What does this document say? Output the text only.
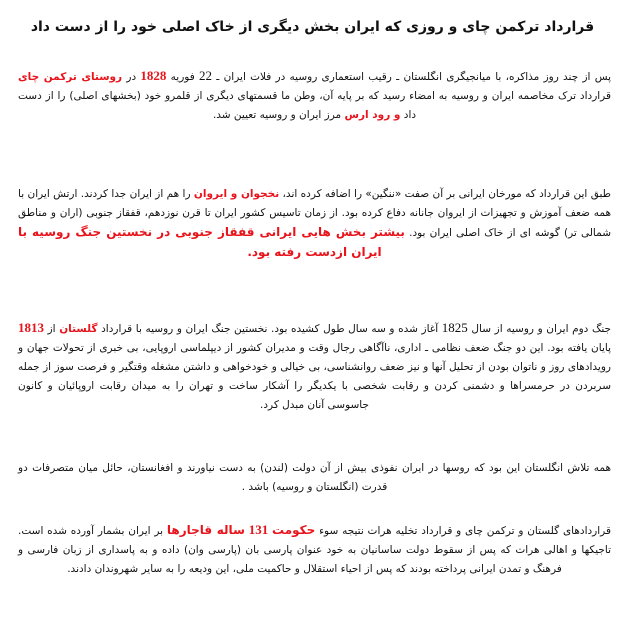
قرارداد ترکمن چای و روزی که ایران بخش دیگری از خاک اصلی خود را از دست داد
پس از چند روز مذاکره، با میانجیگری انگلستان ـ رقیب استعماری روسیه در فلات ایران ـ 22 فوریه 1828 در روستای ترکمن چای قرارداد ترک مخاصمه ایران و روسیه به امضاء رسید که بر پایه آن، وطن ما قسمتهای دیگری از قلمرو خود (بخشهای اصلی) را از دست داد و رود ارس مرز ایران و روسیه تعیین شد.
طبق این قرارداد که مورخان ایرانی بر آن صفت «ننگین» را اضافه کرده اند، نخجوان و ایروان را هم از ایران جدا کردند. ارتش ایران با همه ضعف آموزش و تجهیزات از ایروان جانانه دفاع کرده بود. از زمان تاسیس کشور ایران تا قرن نوزدهم، قفقاز جنوبی (اران و مناطق شمالی تر) گوشه ای از خاک اصلی ایران بود. بیشتر بخش هایی ایرانی قفقاز جنوبی در نخستین جنگ روسیه با ایران ازدست رفته بود.
جنگ دوم ایران و روسیه از سال 1825 آغاز شده و سه سال طول کشیده بود. نخستین جنگ ایران و روسیه با قرارداد گلستان از 1813 پایان یافته بود. این دو جنگ ضعف نظامی ـ اداری، ناآگاهی رجال وقت و مدیران کشور از دیپلماسی اروپایی، بی خبری از تحولات جهان و رویدادهای روز و ناتوان بودن از تحلیل آنها و نیز ضعف روانشناسی، بی خیالی و خودخواهی و داشتن مشغله وقتگیر و فرصت سوز از جمله سربردن در حرمسراها و دشمنی کردن و رقابت شخصی با یکدیگر را آشکار ساخت و تهران را به میدان رقابت اروپائیان و کانون جاسوسی آنان مبدل کرد.
همه تلاش انگلستان این بود که روسها در ایران نفوذی بیش از آن دولت (لندن) به دست نیاورند و افغانستان، حائل میان متصرفات دو قدرت (انگلستان و روسیه) باشد .
قراردادهای گلستان و ترکمن چای و قرارداد تخلیه هرات نتیجه سوء حکومت 131 ساله قاجارها بر ایران بشمار آورده شده است. تاجیکها و اهالی هرات که پس از سقوط دولت ساسانیان به خود عنوان پارسی بان (پارسی وان) داده و به پاسداری از زبان فارسی و فرهنگ و تمدن ایرانی پرداخته بودند که پس از احیاء استقلال و حاکمیت ملی، این ودیعه را به سایر شهروندان دادند.
